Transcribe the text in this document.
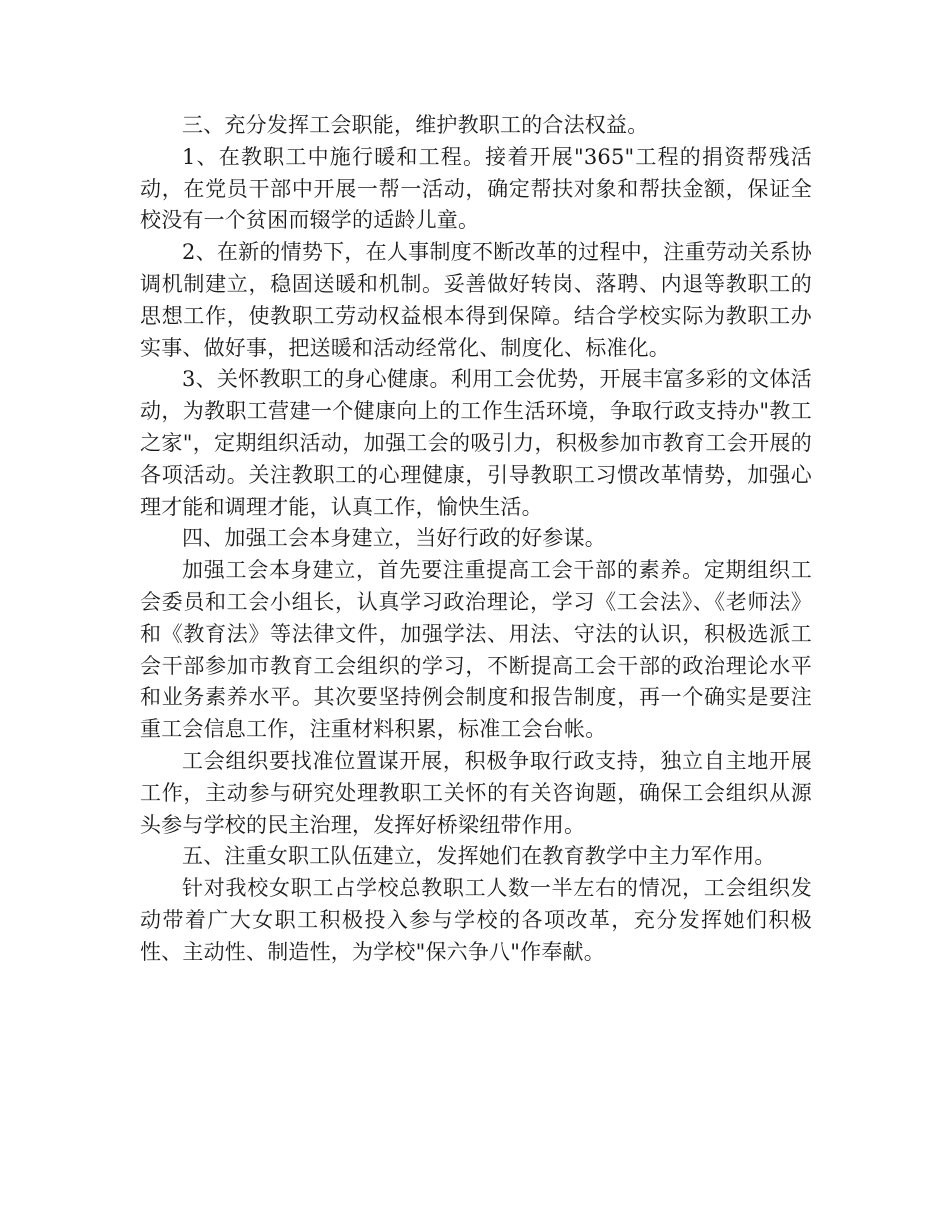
三、充分发挥工会职能，维护教职工的合法权益。

1、在教职工中施行暖和工程。接着开展"365"工程的捐资帮残活动，在党员干部中开展一帮一活动，确定帮扶对象和帮扶金额，保证全校没有一个贫困而辍学的适龄儿童。

2、在新的情势下，在人事制度不断改革的过程中，注重劳动关系协调机制建立，稳固送暖和机制。妥善做好转岗、落聘、内退等教职工的思想工作，使教职工劳动权益根本得到保障。结合学校实际为教职工办实事、做好事，把送暖和活动经常化、制度化、标准化。

3、关怀教职工的身心健康。利用工会优势，开展丰富多彩的文体活动，为教职工营建一个健康向上的工作生活环境，争取行政支持办"教工之家"，定期组织活动，加强工会的吸引力，积极参加市教育工会开展的各项活动。关注教职工的心理健康，引导教职工习惯改革情势，加强心理才能和调理才能，认真工作，愉快生活。

四、加强工会本身建立，当好行政的好参谋。

加强工会本身建立，首先要注重提高工会干部的素养。定期组织工会委员和工会小组长，认真学习政治理论，学习《工会法》、《老师法》和《教育法》等法律文件，加强学法、用法、守法的认识，积极选派工会干部参加市教育工会组织的学习，不断提高工会干部的政治理论水平和业务素养水平。其次要坚持例会制度和报告制度，再一个确实是要注重工会信息工作，注重材料积累，标准工会台帐。

工会组织要找准位置谋开展，积极争取行政支持，独立自主地开展工作，主动参与研究处理教职工关怀的有关咨询题，确保工会组织从源头参与学校的民主治理，发挥好桥梁纽带作用。

五、注重女职工队伍建立，发挥她们在教育教学中主力军作用。

针对我校女职工占学校总教职工人数一半左右的情况，工会组织发动带着广大女职工积极投入参与学校的各项改革，充分发挥她们积极性、主动性、制造性，为学校"保六争八"作奉献。
